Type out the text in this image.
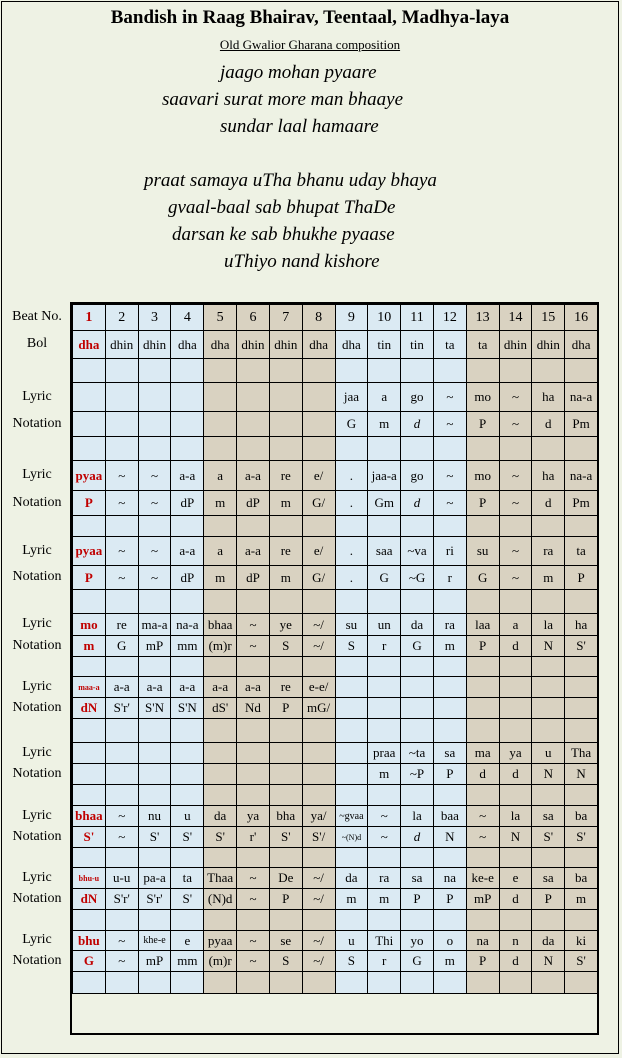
Bandish in Raag Bhairav, Teentaal, Madhya-laya
Old Gwalior Gharana composition
jaago mohan pyaare
saavari surat more man bhaaye
sundar laal hamaare
praat samaya uTha bhanu uday bhaya
gvaal-baal sab bhupat ThaDe
darsan ke sab bhukhe pyaase
uThiyo nand kishore
Beat No.
Bol
Lyric
Notation
Lyric
Notation
Lyric
Notation
Lyric
Notation
Lyric
Notation
Lyric
Notation
Lyric
Notation
Lyric
Notation
Lyric
Notation
1	2	3	4	5	6	7	8	9	10	11	12	13	14	15	16
dha	dhin	dhin	dha	dha	dhin	dhin	dha	dha	tin	tin	ta	ta	dhin	dhin	dha

								jaa	a	go	~	mo	~	ha	na-a
								G	m	d	~	P	~	d	Pm

pyaa	~	~	a-a	a	a-a	re	e/	.	jaa-a	go	~	mo	~	ha	na-a
P	~	~	dP	m	dP	m	G/	.	Gm	d	~	P	~	d	Pm

pyaa	~	~	a-a	a	a-a	re	e/	.	saa	~va	ri	su	~	ra	ta
P	~	~	dP	m	dP	m	G/	.	G	~G	r	G	~	m	P

mo	re	ma-a	na-a	bhaa	~	ye	~/	su	un	da	ra	laa	a	la	ha
m	G	mP	mm	(m)r	~	S	~/	S	r	G	m	P	d	N	S'

maa-a	a-a	a-a	a-a	a-a	a-a	re	e-e/								
dN	S'r'	S'N	S'N	dS'	Nd	P	mG/								

									praa	~ta	sa	ma	ya	u	Tha
									m	~P	P	d	d	N	N

bhaa	~	nu	u	da	ya	bha	ya/	~gvaa	~	la	baa	~	la	sa	ba
S'	~	S'	S'	S'	r'	S'	S'/	~(N)d	~	d	N	~	N	S'	S'

bhu-u	u-u	pa-a	ta	Thaa	~	De	~/	da	ra	sa	na	ke-e	e	sa	ba
dN	S'r'	S'r'	S'	(N)d	~	P	~/	m	m	P	P	mP	d	P	m

bhu	~	khe-e	e	pyaa	~	se	~/	u	Thi	yo	o	na	n	da	ki
G	~	mP	mm	(m)r	~	S	~/	S	r	G	m	P	d	N	S'
